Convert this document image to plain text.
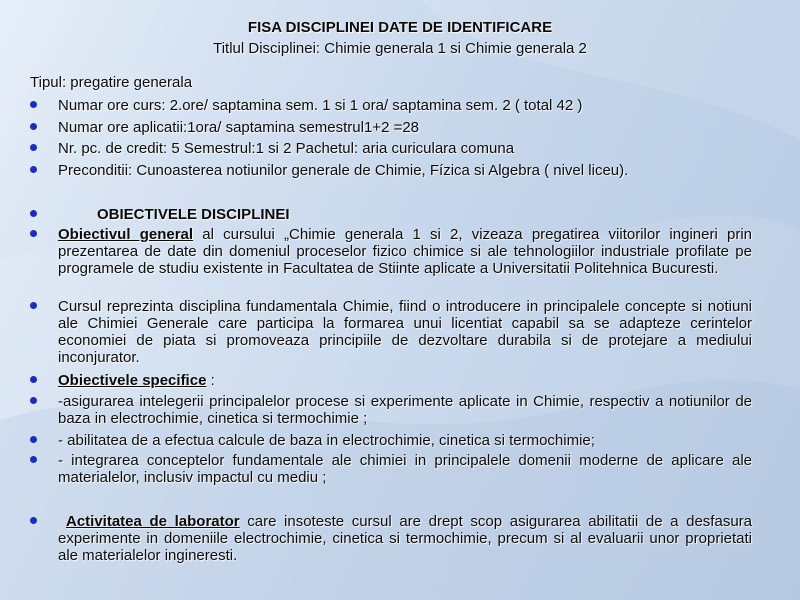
FISA DISCIPLINEI DATE DE IDENTIFICARE
Titlul Disciplinei: Chimie generala 1 si Chimie generala 2
Tipul: pregatire generala
Numar ore curs: 2.ore/ saptamina sem. 1 si 1 ora/ saptamina sem. 2 ( total 42 )
Numar ore aplicatii:1ora/ saptamina semestrul1+2 =28
Nr. pc. de credit: 5 Semestrul:1 si 2 Pachetul: aria curiculara comuna
Preconditii: Cunoasterea notiunilor generale de Chimie, Fízica si Algebra ( nivel liceu).
OBIECTIVELE DISCIPLINEI
Obiectivul general al cursului „Chimie generala 1 si 2, vizeaza pregatirea viitorilor ingineri prin prezentarea de date din domeniul proceselor fizico chimice si ale tehnologiilor industriale profilate pe programele de studiu existente in Facultatea de Stiinte aplicate a Universitatii Politehnica Bucuresti.
Cursul reprezinta disciplina fundamentala Chimie, fiind o introducere in principalele concepte si notiuni ale Chimiei Generale care participa la formarea unui licentiat capabil sa se adapteze cerintelor economiei de piata si promoveaza principiile de dezvoltare durabila si de protejare a mediului inconjurator.
Obiectivele specifice :
-asigurarea intelegerii principalelor procese si experimente aplicate in Chimie, respectiv a notiunilor de baza in electrochimie, cinetica si termochimie ;
- abilitatea de a efectua calcule de baza in electrochimie, cinetica si termochimie;
- integrarea conceptelor fundamentale ale chimiei in principalele domenii moderne de aplicare ale materialelor, inclusiv impactul cu mediu ;
Activitatea de laborator care insoteste cursul are drept scop asigurarea abilitatii de a desfasura experimente in domeniile electrochimie, cinetica si termochimie, precum si al evaluarii unor proprietati ale materialelor ingineresti.
